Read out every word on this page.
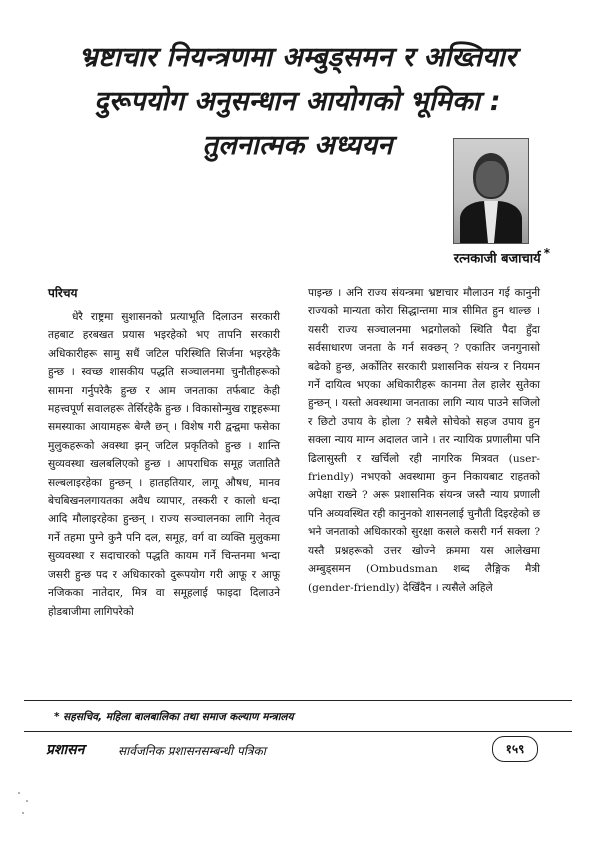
भ्रष्टाचार नियन्त्रणमा अम्बुड्समन र अख्तियार
दुरूपयोग अनुसन्धान आयोगको भूमिका :
तुलनात्मक अध्ययन
रत्नकाजी बजाचार्य *
परिचय
धेरै राष्ट्रमा सुशासनको प्रत्याभूति दिलाउन सरकारी तहबाट हरबखत प्रयास भइरहेको भए तापनि सरकारी अधिकारीहरू सामु सधैं जटिल परिस्थिति सिर्जना भइरहेकै हुन्छ । स्वच्छ शासकीय पद्धति सञ्चालनमा चुनौतीहरूको सामना गर्नुपरेकै हुन्छ र आम जनताका तर्फबाट केही महत्त्वपूर्ण सवालहरू तेर्सिरहेकै हुन्छ । विकासोन्मुख राष्ट्रहरूमा समस्याका आयामहरू बेग्लै छन् । विशेष गरी द्वन्द्वमा फसेका मुलुकहरूको अवस्था झन् जटिल प्रकृतिको हुन्छ । शान्ति सुव्यवस्था खलबलिएको हुन्छ । आपराधिक समूह जतातितै सल्बलाइरहेका हुन्छन् । हातहतियार, लागू औषध, मानव बेचबिखनलगायतका अवैध व्यापार, तस्करी र कालो धन्दा आदि मौलाइरहेका हुन्छन् । राज्य सञ्चालनका लागि नेतृत्व गर्ने तहमा पुग्ने कुनै पनि दल, समूह, वर्ग वा व्यक्ति मुलुकमा सुव्यवस्था र सदाचारको पद्धति कायम गर्ने चिन्तनमा भन्दा जसरी हुन्छ पद र अधिकारको दुरूपयोग गरी आफू र आफू नजिकका नातेदार, मित्र वा समूहलाई फाइदा दिलाउने होडबाजीमा लागिपरेको
पाइन्छ । अनि राज्य संयन्त्रमा भ्रष्टाचार मौलाउन गई कानुनी राज्यको मान्यता कोरा सिद्धान्तमा मात्र सीमित हुन थाल्छ । यसरी राज्य सञ्चालनमा भद्रगोलको स्थिति पैदा हुँदा सर्वसाधारण जनता के गर्न सक्छन् ? एकातिर जनगुनासो बढेको हुन्छ, अर्कोतिर सरकारी प्रशासनिक संयन्त्र र नियमन गर्ने दायित्व भएका अधिकारीहरू कानमा तेल हालेर सुतेका हुन्छन् । यस्तो अवस्थामा जनताका लागि न्याय पाउने सजिलो र छिटो उपाय के होला ? सबैले सोचेको सहज उपाय हुन सक्ला न्याय माग्न अदालत जाने । तर न्यायिक प्रणालीमा पनि ढिलासुस्ती र खर्चिलो रही नागरिक मित्रवत (user-friendly) नभएको अवस्थामा कुन निकायबाट राहतको अपेक्षा राख्ने ? अरू प्रशासनिक संयन्त्र जस्तै न्याय प्रणाली पनि अव्यवस्थित रही कानुनको शासनलाई चुनौती दिइरहेको छ भने जनताको अधिकारको सुरक्षा कसले कसरी गर्न सक्ला ? यस्तै प्रश्नहरूको उत्तर खोज्ने क्रममा यस आलेखमा अम्बुड्समन (Ombudsman शब्द लैङ्गिक मैत्री (gender-friendly) देखिँदैन । त्यसैले अहिले
* सहसचिव, महिला बालबालिका तथा समाज कल्याण मन्त्रालय
प्रशासन	सार्वजनिक प्रशासनसम्बन्धी पत्रिका	१५९
